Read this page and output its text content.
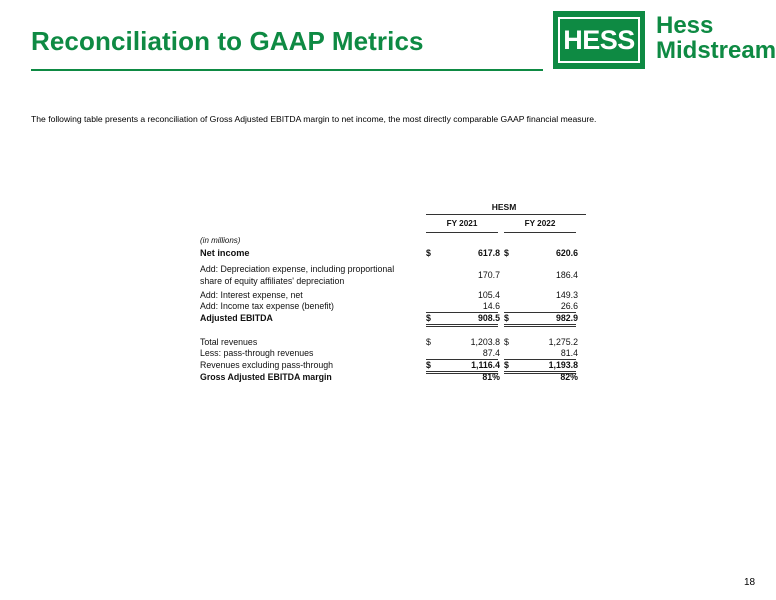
Reconciliation to GAAP Metrics	HESS Hess
Midstream
The following table presents a reconciliation of Gross Adjusted EBITDA margin to net income, the most directly comparable GAAP financial measure.
HESM
FY 2021	FY 2022
(in millions)
Net income	$	617.8 $	620.6
Add: Depreciation expense, including proportional
share of equity affiliates' depreciation
170.7	186.4
Add: Interest expense, net	105.4	149.3
Add: Income tax expense (benefit)	14.6	26.6
Adjusted EBITDA	$	908.5 $	982.9
Total revenues	$	1,203.8 $	1,275.2
Less: pass-through revenues	87.4	81.4
Revenues excluding pass-through	$	1,116.4 $	1,193.8
Gross Adjusted EBITDA margin	81%	82%
18
